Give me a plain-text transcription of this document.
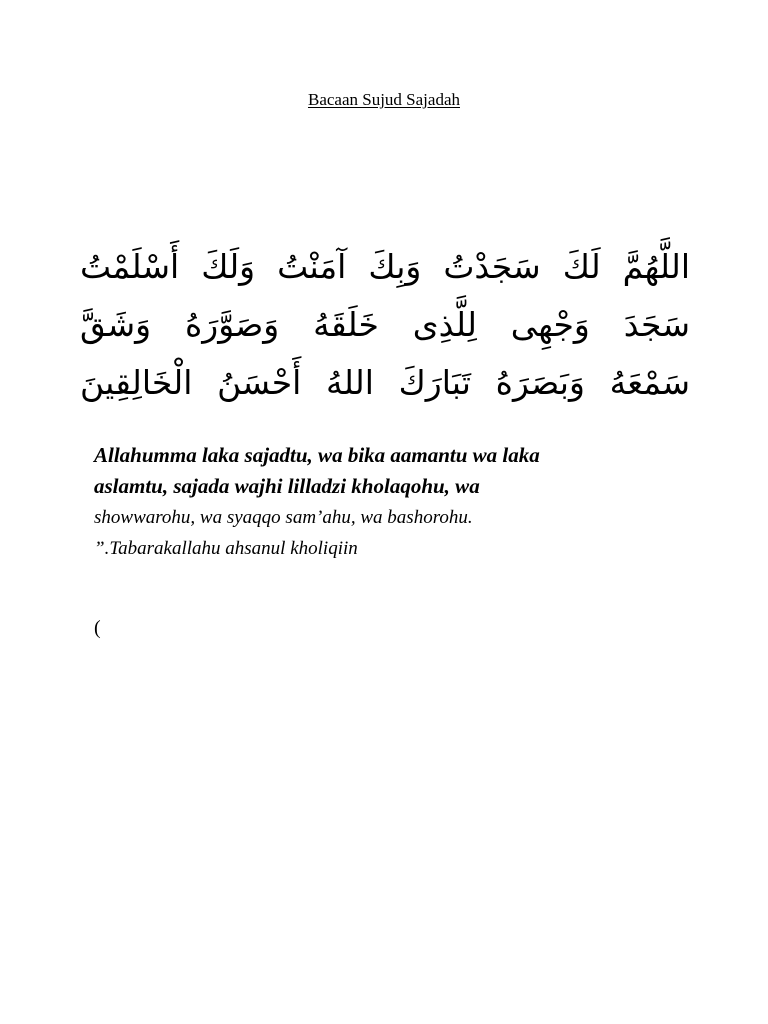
Bacaan Sujud Sajadah
اللَّهُمَّ لَكَ سَجَدْتُ وَبِكَ آمَنْتُ وَلَكَ أَسْلَمْتُ
سَجَدَ وَجْهِى لِلَّذِى خَلَقَهُ وَصَوَّرَهُ وَشَقَّ
سَمْعَهُ وَبَصَرَهُ تَبَارَكَ اللهُ أَحْسَنُ الْخَالِقِينَ
Allahumma laka sajadtu, wa bika aamantu wa laka
aslamtu, sajada wajhi lilladzi kholaqohu, wa
showwarohu, wa syaqqo sam’ahu, wa bashorohu.
”.Tabarakallahu ahsanul kholiqiin
(
